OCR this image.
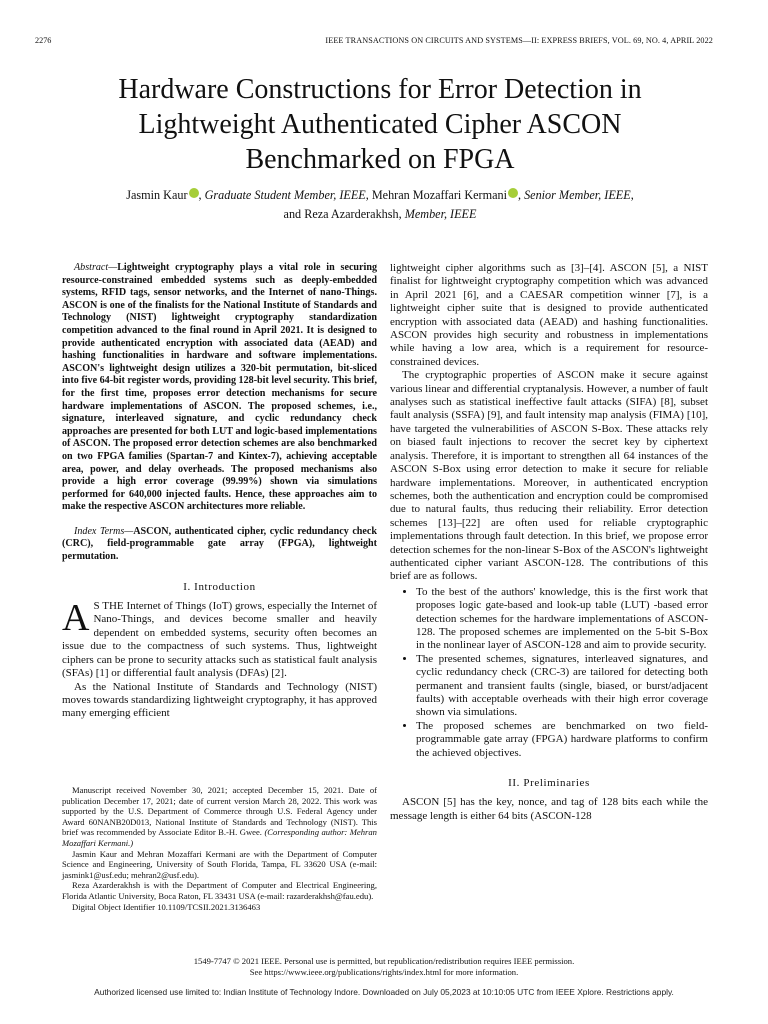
2276	IEEE TRANSACTIONS ON CIRCUITS AND SYSTEMS—II: EXPRESS BRIEFS, VOL. 69, NO. 4, APRIL 2022
Hardware Constructions for Error Detection in
Lightweight Authenticated Cipher ASCON
Benchmarked on FPGA
Jasmin Kaur , Graduate Student Member, IEEE, Mehran Mozaffari Kermani , Senior Member, IEEE,
and Reza Azarderakhsh, Member, IEEE

Abstract—Lightweight cryptography plays a vital role in securing resource-constrained embedded systems such as deeply-embedded systems, RFID tags, sensor networks, and the Internet of nano-Things. ASCON is one of the finalists for the National Institute of Standards and Technology (NIST) lightweight cryptography standardization competition advanced to the final round in April 2021. It is designed to provide authenticated encryption with associated data (AEAD) and hashing functionalities in hardware and software implementations. ASCON's lightweight design utilizes a 320-bit permutation, bit-sliced into five 64-bit register words, providing 128-bit level security. This brief, for the first time, proposes error detection mechanisms for secure hardware implementations of ASCON. The proposed schemes, i.e., signature, interleaved signature, and cyclic redundancy check approaches are presented for both LUT and logic-based implementations of ASCON. The proposed error detection schemes are also benchmarked on two FPGA families (Spartan-7 and Kintex-7), achieving acceptable area, power, and delay overheads. The proposed mechanisms also provide a high error coverage (99.99%) shown via simulations performed for 640,000 injected faults. Hence, these approaches aim to make the respective ASCON architectures more reliable.

Index Terms—ASCON, authenticated cipher, cyclic redundancy check (CRC), field-programmable gate array (FPGA), lightweight permutation.

I. Introduction

A S THE Internet of Things (IoT) grows, especially the Internet of Nano-Things, and devices become smaller and heavily dependent on embedded systems, security often becomes an issue due to the compactness of such systems. Thus, lightweight ciphers can be prone to security attacks such as statistical fault analysis (SFAs) [1] or differential fault analysis (DFAs) [2].

As the National Institute of Standards and Technology (NIST) moves towards standardizing lightweight cryptography, it has approved many emerging efficient

Manuscript received November 30, 2021; accepted December 15, 2021. Date of publication December 17, 2021; date of current version March 28, 2022. This work was supported by the U.S. Department of Commerce through U.S. Federal Agency under Award 60NANB20D013, National Institute of Standards and Technology (NIST). This brief was recommended by Associate Editor B.-H. Gwee. (Corresponding author: Mehran Mozaffari Kermani.)

Jasmin Kaur and Mehran Mozaffari Kermani are with the Department of Computer Science and Engineering, University of South Florida, Tampa, FL 33620 USA (e-mail: jasmink1@usf.edu; mehran2@usf.edu).

Reza Azarderakhsh is with the Department of Computer and Electrical Engineering, Florida Atlantic University, Boca Raton, FL 33431 USA (e-mail: razarderakhsh@fau.edu).

Digital Object Identifier 10.1109/TCSII.2021.3136463

lightweight cipher algorithms such as [3]–[4]. ASCON [5], a NIST finalist for lightweight cryptography competition which was advanced in April 2021 [6], and a CAESAR competition winner [7], is a lightweight cipher suite that is designed to provide authenticated encryption with associated data (AEAD) and hashing functionalities. ASCON provides high security and robustness in implementations while having a low area, which is a requirement for resource-constrained devices.

The cryptographic properties of ASCON make it secure against various linear and differential cryptanalysis. However, a number of fault analyses such as statistical ineffective fault attacks (SIFA) [8], subset fault analysis (SSFA) [9], and fault intensity map analysis (FIMA) [10], have targeted the vulnerabilities of ASCON S-Box. These attacks rely on biased fault injections to recover the secret key by ciphertext analysis. Therefore, it is important to strengthen all 64 instances of the ASCON S-Box using error detection to make it secure for reliable hardware implementations. Moreover, in authenticated encryption schemes, both the authentication and encryption could be compromised due to natural faults, thus reducing their reliability. Error detection schemes [13]–[22] are often used for reliable cryptographic implementations through fault detection. In this brief, we propose error detection schemes for the non-linear S-Box of the ASCON's lightweight authenticated cipher variant ASCON-128. The contributions of this brief are as follows.

• To the best of the authors' knowledge, this is the first work that proposes logic gate-based and look-up table (LUT) -based error detection schemes for the hardware implementations of ASCON-128. The proposed schemes are implemented on the 5-bit S-Box in the nonlinear layer of ASCON-128 and aim to provide security.
• The presented schemes, signatures, interleaved signatures, and cyclic redundancy check (CRC-3) are tailored for detecting both permanent and transient faults (single, biased, or burst/adjacent faults) with acceptable overheads with their high error coverage shown via simulations.
• The proposed schemes are benchmarked on two field-programmable gate array (FPGA) hardware platforms to confirm the achieved objectives.
II. Preliminaries

ASCON [5] has the key, nonce, and tag of 128 bits each while the message length is either 64 bits (ASCON-128

1549-7747 © 2021 IEEE. Personal use is permitted, but republication/redistribution requires IEEE permission.
See https://www.ieee.org/publications/rights/index.html for more information.
Authorized licensed use limited to: Indian Institute of Technology Indore. Downloaded on July 05,2023 at 10:10:05 UTC from IEEE Xplore. Restrictions apply.
